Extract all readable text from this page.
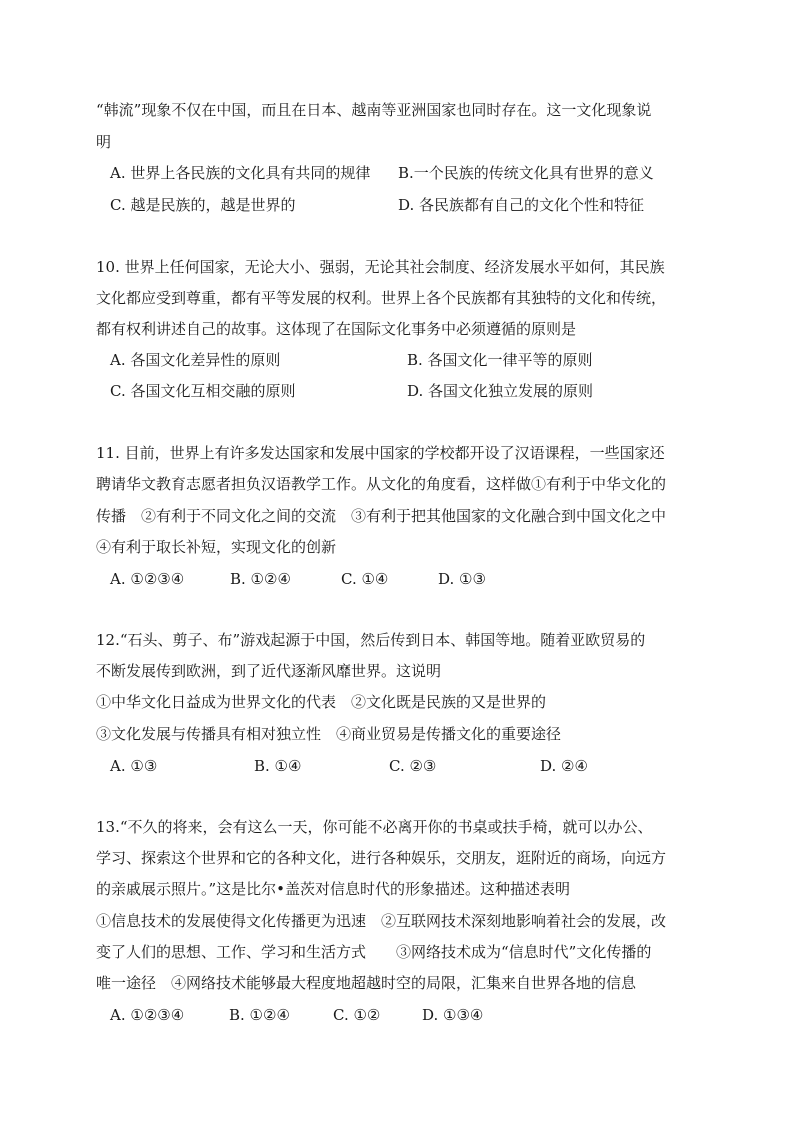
“韩流”现象不仅在中国，而且在日本、越南等亚洲国家也同时存在。这一文化现象说
明
A. 世界上各民族的文化具有共同的规律 B.一个民族的传统文化具有世界的意义
C. 越是民族的，越是世界的	D. 各民族都有自己的文化个性和特征
10. 世界上任何国家，无论大小、强弱，无论其社会制度、经济发展水平如何，其民族
文化都应受到尊重，都有平等发展的权利。世界上各个民族都有其独特的文化和传统，
都有权利讲述自己的故事。这体现了在国际文化事务中必须遵循的原则是
A. 各国文化差异性的原则	B. 各国文化一律平等的原则
C. 各国文化互相交融的原则	D. 各国文化独立发展的原则
11. 目前，世界上有许多发达国家和发展中国家的学校都开设了汉语课程，一些国家还
聘请华文教育志愿者担负汉语教学工作。从文化的角度看，这样做①有利于中华文化的
传播　②有利于不同文化之间的交流　③有利于把其他国家的文化融合到中国文化之中
④有利于取长补短，实现文化的创新
A. ①②③④	B. ①②④	C. ①④	D. ①③
12.“石头、剪子、布”游戏起源于中国，然后传到日本、韩国等地。随着亚欧贸易的
不断发展传到欧洲，到了近代逐渐风靡世界。这说明
①中华文化日益成为世界文化的代表　②文化既是民族的又是世界的
③文化发展与传播具有相对独立性　④商业贸易是传播文化的重要途径
A. ①③	B. ①④	C. ②③	D. ②④
13.“不久的将来，会有这么一天，你可能不必离开你的书桌或扶手椅，就可以办公、
学习、探索这个世界和它的各种文化，进行各种娱乐，交朋友，逛附近的商场，向远方
的亲戚展示照片。”这是比尔•盖茨对信息时代的形象描述。这种描述表明
①信息技术的发展使得文化传播更为迅速　②互联网技术深刻地影响着社会的发展，改
变了人们的思想、工作、学习和生活方式　　③网络技术成为“信息时代”文化传播的
唯一途径　④网络技术能够最大程度地超越时空的局限，汇集来自世界各地的信息
A. ①②③④	B. ①②④	C. ①②	D. ①③④
